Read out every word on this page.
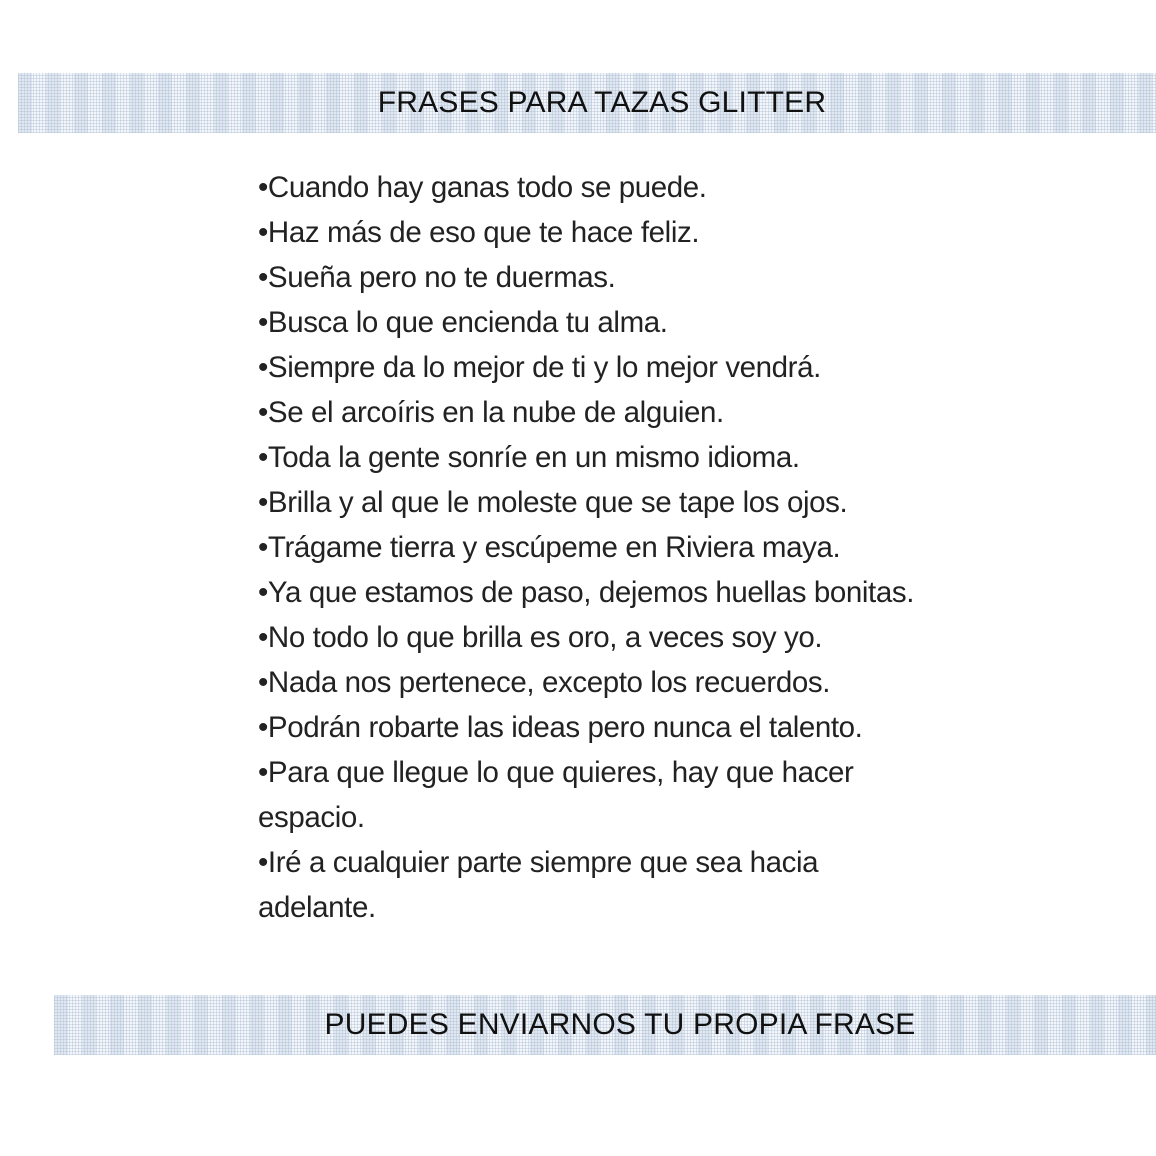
FRASES PARA TAZAS GLITTER
•Cuando hay ganas todo se puede.
•Haz más de eso que te hace feliz.
•Sueña pero no te duermas.
•Busca lo que encienda tu alma.
•Siempre da lo mejor de ti y lo mejor vendrá.
•Se el arcoíris en la nube de alguien.
•Toda la gente sonríe en un mismo idioma.
•Brilla y al que le moleste que se tape los ojos.
•Trágame tierra y escúpeme en Riviera maya.
•Ya que estamos de paso, dejemos huellas bonitas.
•No todo lo que brilla es oro, a veces soy yo.
•Nada nos pertenece, excepto los recuerdos.
•Podrán robarte las ideas pero nunca el talento.
•Para que llegue lo que quieres, hay que hacer espacio.
•Iré a cualquier parte siempre que sea hacia adelante.
PUEDES ENVIARNOS TU PROPIA FRASE
